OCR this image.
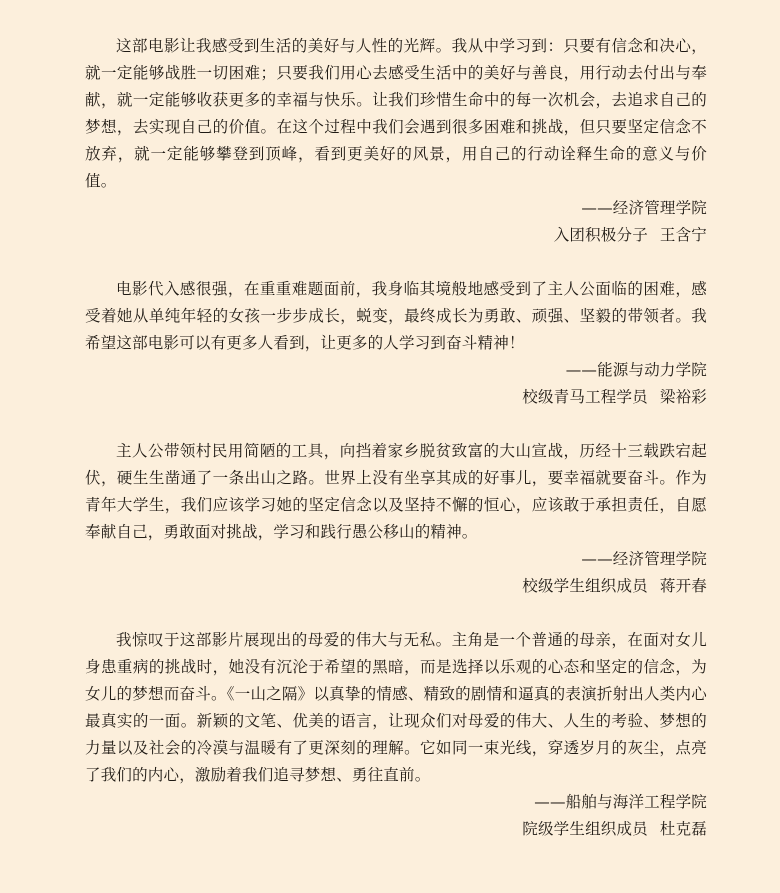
这部电影让我感受到生活的美好与人性的光辉。我从中学习到：只要有信念和决心，就一定能够战胜一切困难；只要我们用心去感受生活中的美好与善良，用行动去付出与奉献，就一定能够收获更多的幸福与快乐。让我们珍惜生命中的每一次机会，去追求自己的梦想，去实现自己的价值。在这个过程中我们会遇到很多困难和挑战，但只要坚定信念不放弃，就一定能够攀登到顶峰，看到更美好的风景，用自己的行动诠释生命的意义与价值。

——经济管理学院

入团积极分子 王含宁

电影代入感很强，在重重难题面前，我身临其境般地感受到了主人公面临的困难，感受着她从单纯年轻的女孩一步步成长，蜕变，最终成长为勇敢、顽强、坚毅的带领者。我希望这部电影可以有更多人看到，让更多的人学习到奋斗精神！

——能源与动力学院

校级青马工程学员 梁裕彩

主人公带领村民用简陋的工具，向挡着家乡脱贫致富的大山宣战，历经十三载跌宕起伏，硬生生凿通了一条出山之路。世界上没有坐享其成的好事儿，要幸福就要奋斗。作为青年大学生，我们应该学习她的坚定信念以及坚持不懈的恒心，应该敢于承担责任，自愿奉献自己，勇敢面对挑战，学习和践行愚公移山的精神。

——经济管理学院

校级学生组织成员 蒋开春

我惊叹于这部影片展现出的母爱的伟大与无私。主角是一个普通的母亲，在面对女儿身患重病的挑战时，她没有沉沦于希望的黑暗，而是选择以乐观的心态和坚定的信念，为女儿的梦想而奋斗。《一山之隔》以真挚的情感、精致的剧情和逼真的表演折射出人类内心最真实的一面。新颖的文笔、优美的语言，让现众们对母爱的伟大、人生的考验、梦想的力量以及社会的冷漠与温暖有了更深刻的理解。它如同一束光线，穿透岁月的灰尘，点亮了我们的内心，激励着我们追寻梦想、勇往直前。

——船舶与海洋工程学院

院级学生组织成员 杜克磊
